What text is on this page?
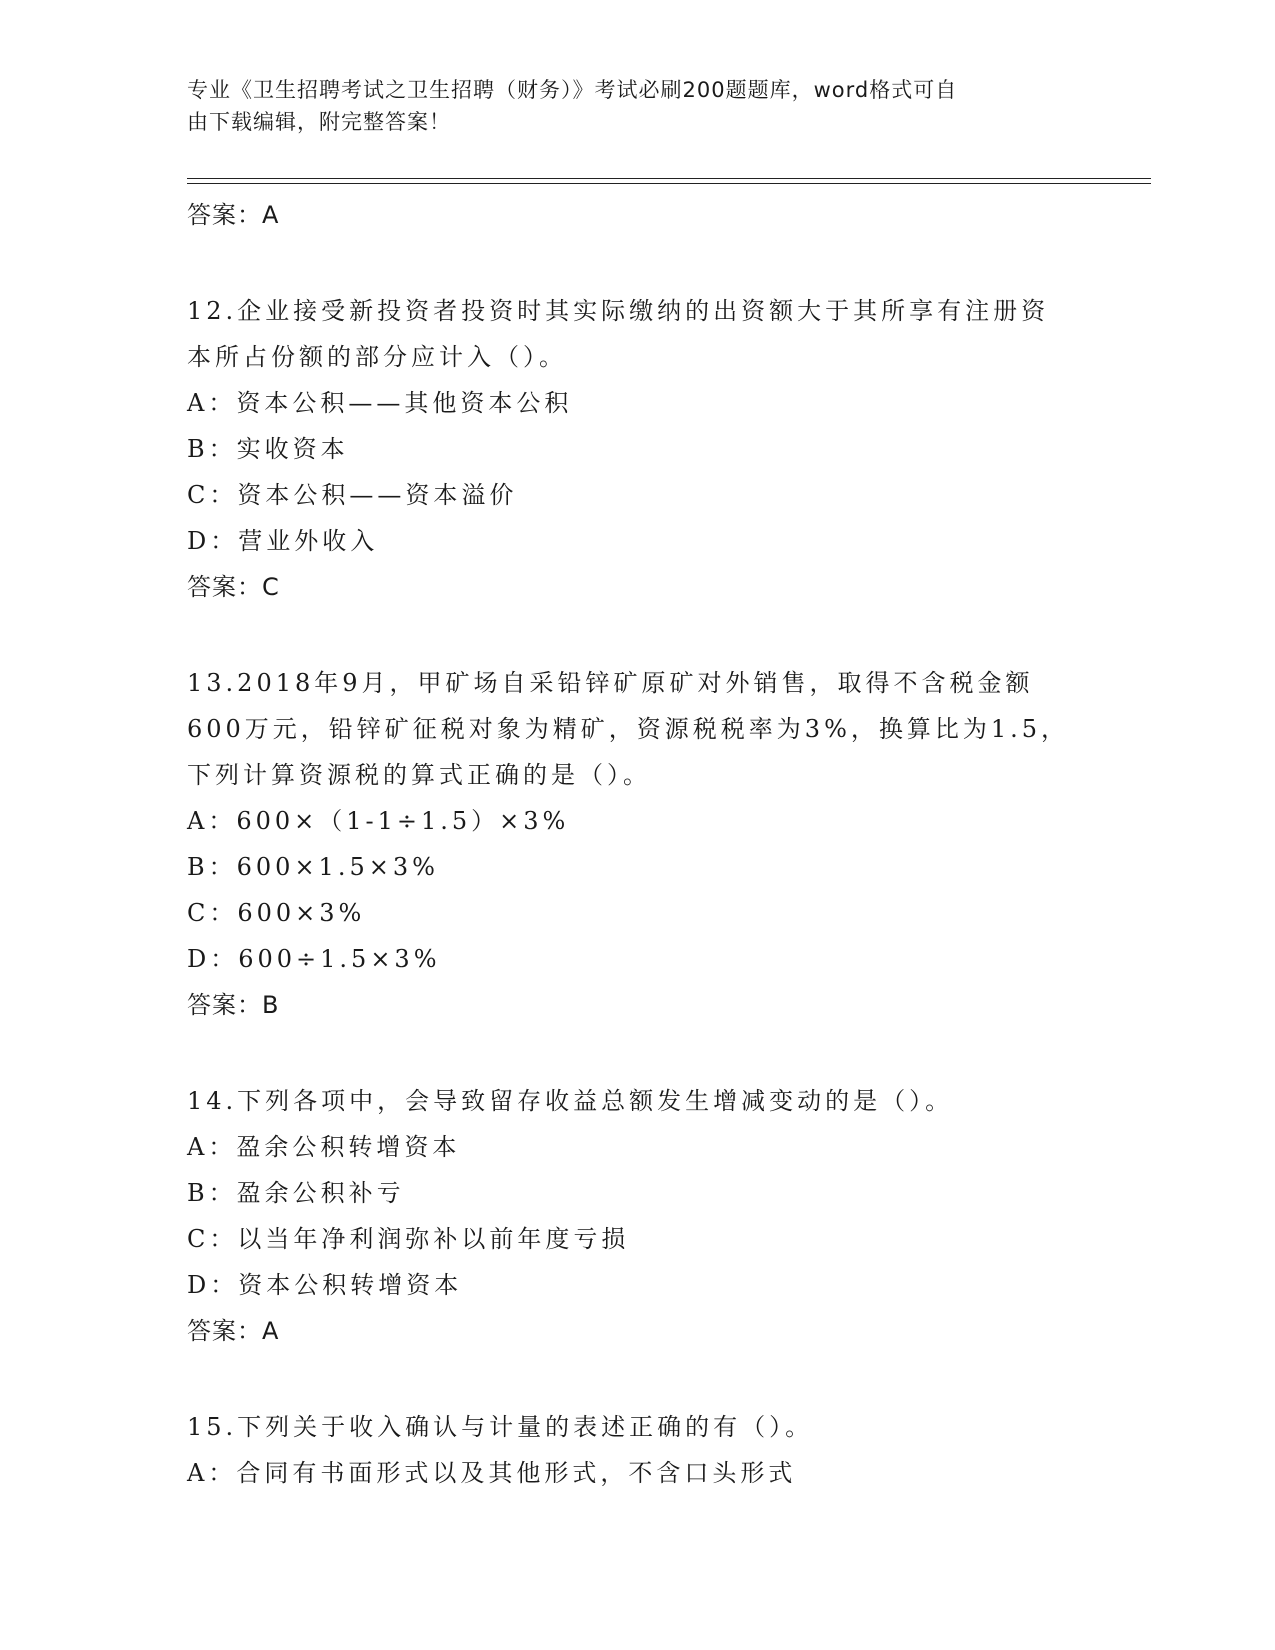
专业《卫生招聘考试之卫生招聘（财务）》考试必刷200题题库，word格式可自
由下载编辑，附完整答案！

答案：A

12.企业接受新投资者投资时其实际缴纳的出资额大于其所享有注册资

本所占份额的部分应计入（）。

A：资本公积——其他资本公积

B：实收资本

C：资本公积——资本溢价

D：营业外收入

答案：C

13.2018年9月，甲矿场自采铅锌矿原矿对外销售，取得不含税金额

600万元，铅锌矿征税对象为精矿，资源税税率为3%，换算比为1.5，

下列计算资源税的算式正确的是（）。

A：600×（1-1÷1.5）×3%

B：600×1.5×3%

C：600×3%

D：600÷1.5×3%

答案：B

14.下列各项中，会导致留存收益总额发生增减变动的是（）。

A：盈余公积转增资本

B：盈余公积补亏

C：以当年净利润弥补以前年度亏损

D：资本公积转增资本

答案：A

15.下列关于收入确认与计量的表述正确的有（）。

A：合同有书面形式以及其他形式，不含口头形式
